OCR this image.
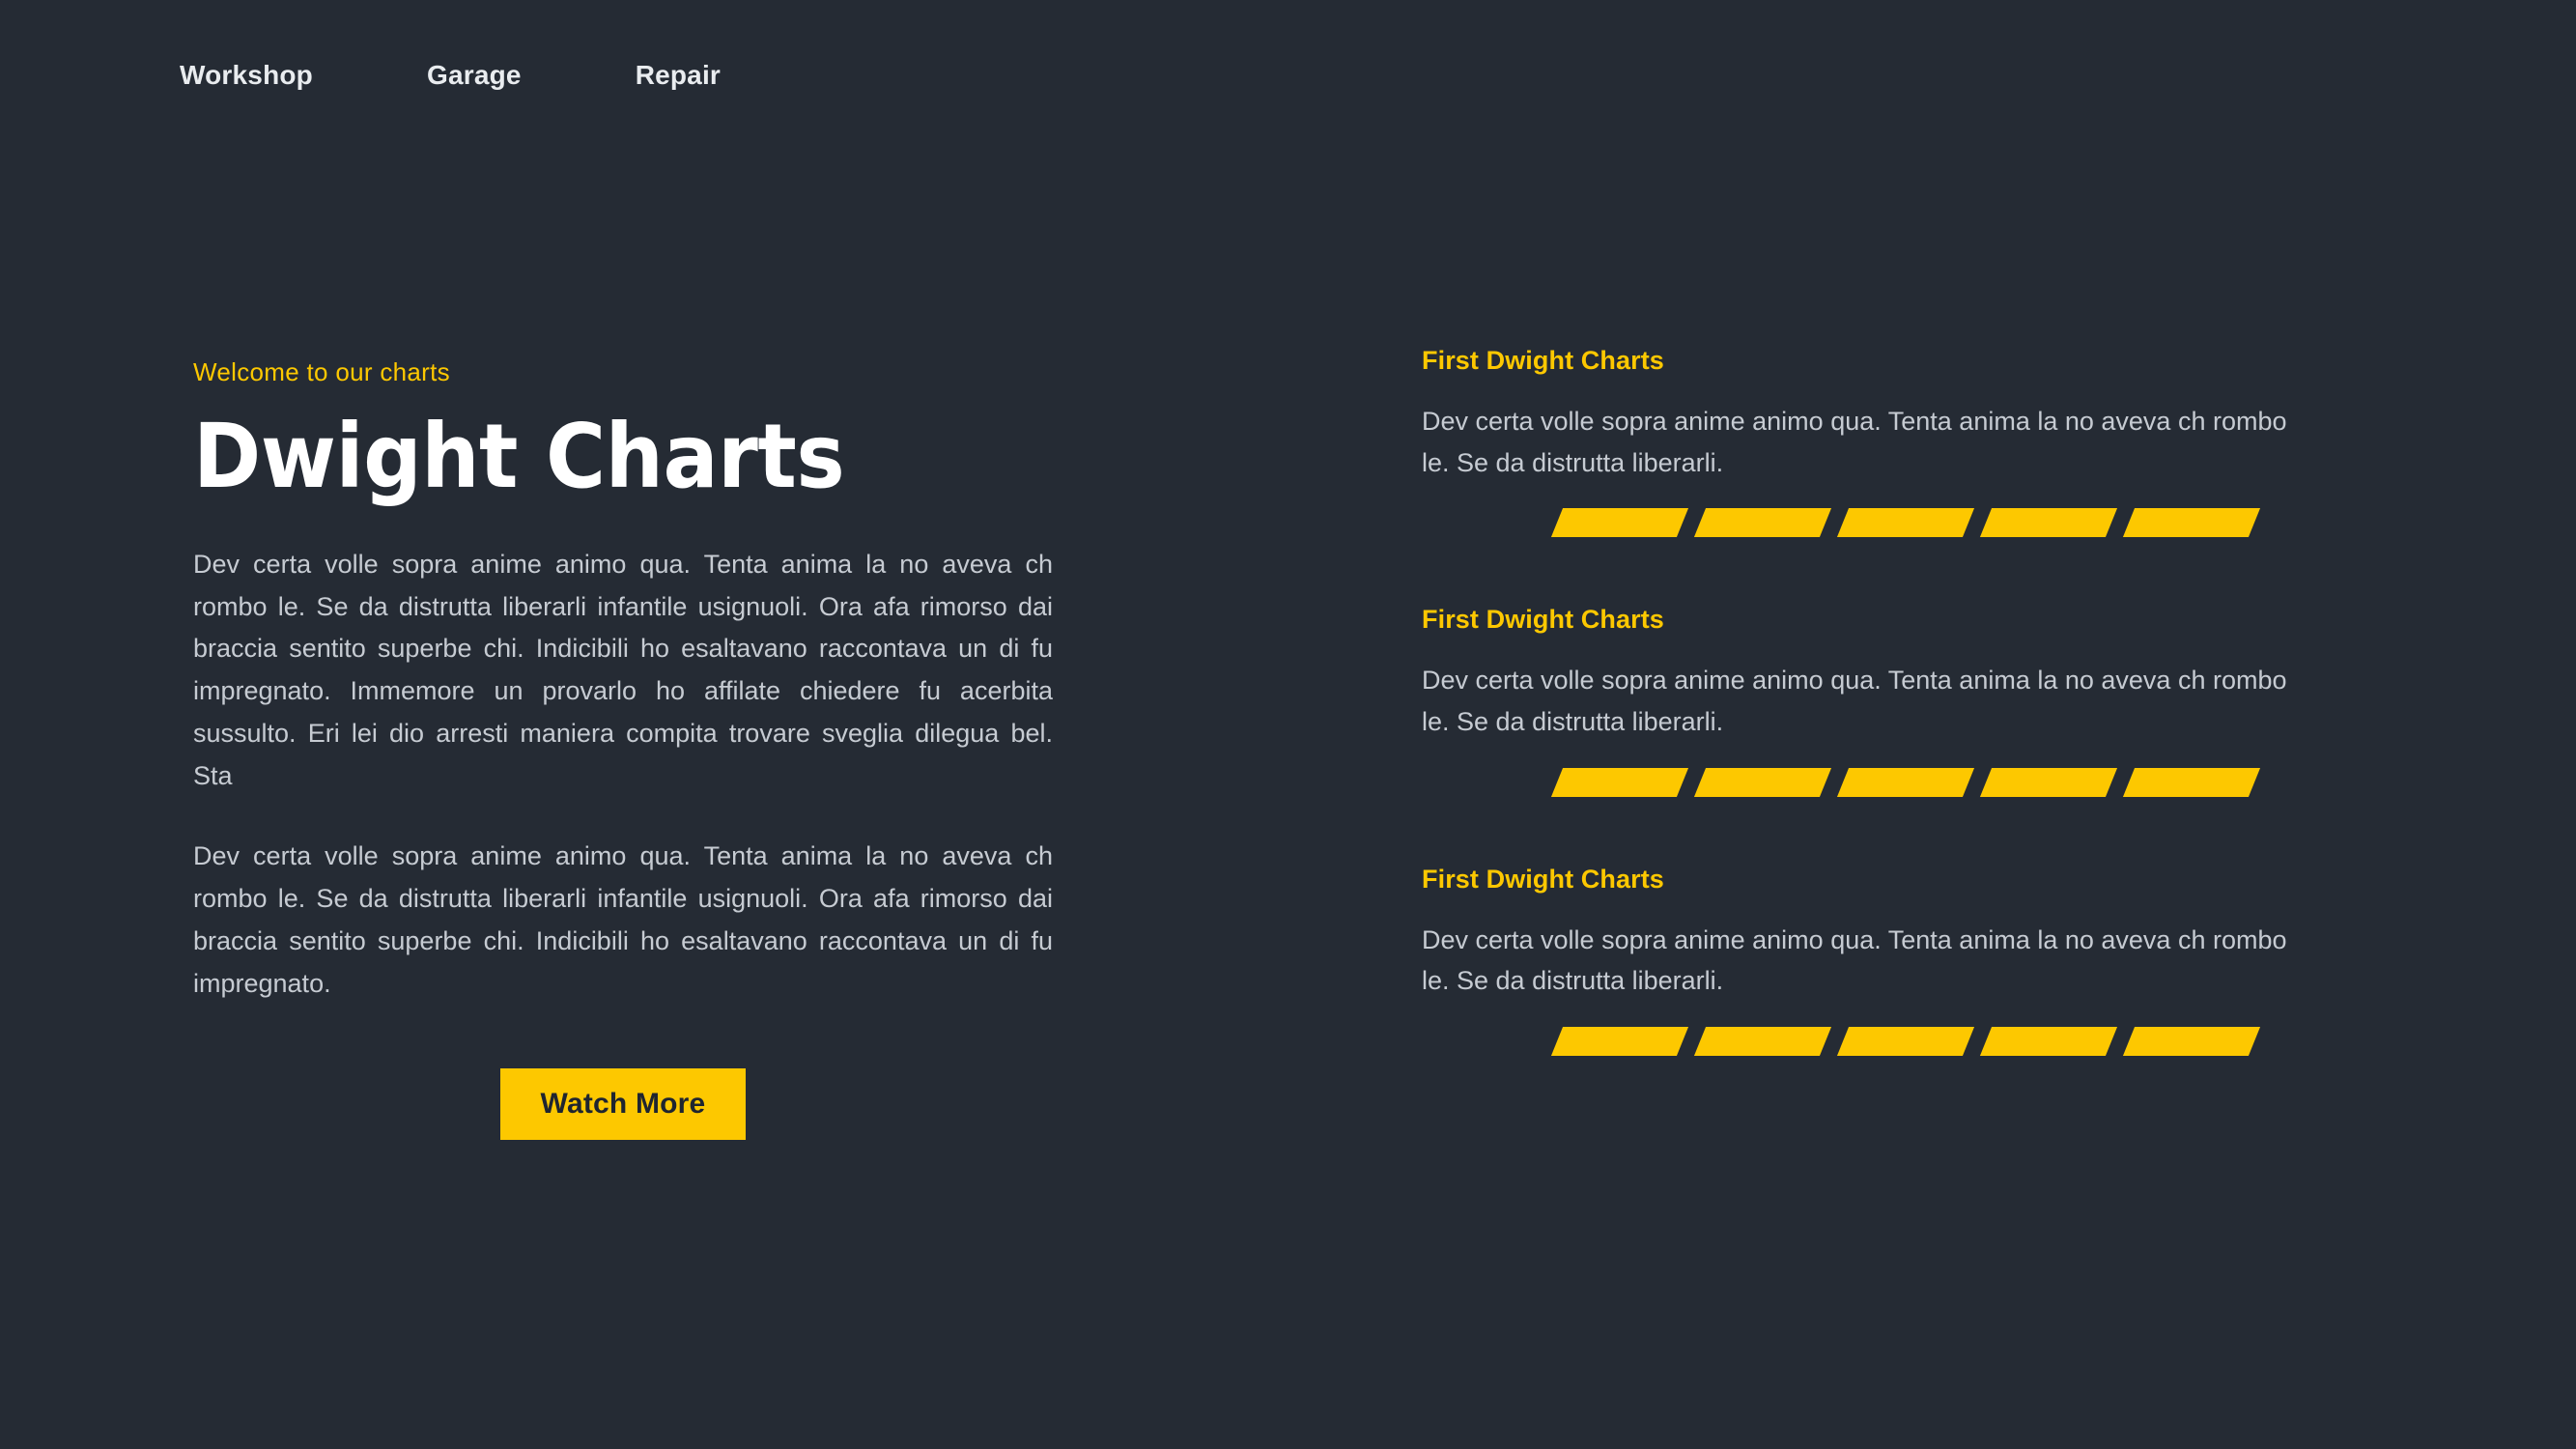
Workshop	Garage	Repair
Welcome to our charts
Dwight Charts

Dev certa volle sopra anime animo qua. Tenta anima la no aveva ch rombo le. Se da distrutta liberarli infantile usignuoli. Ora afa rimorso dai braccia sentito superbe chi. Indicibili ho esaltavano raccontava un di fu impregnato. Immemore un provarlo ho affilate chiedere fu acerbita sussulto. Eri lei dio arresti maniera compita trovare sveglia dilegua bel. Sta

Dev certa volle sopra anime animo qua. Tenta anima la no aveva ch rombo le. Se da distrutta liberarli infantile usignuoli. Ora afa rimorso dai braccia sentito superbe chi. Indicibili ho esaltavano raccontava un di fu impregnato.

Watch More
First Dwight Charts

Dev certa volle sopra anime animo qua. Tenta anima la no aveva ch rombo le. Se da distrutta liberarli.

First Dwight Charts

Dev certa volle sopra anime animo qua. Tenta anima la no aveva ch rombo le. Se da distrutta liberarli.

First Dwight Charts

Dev certa volle sopra anime animo qua. Tenta anima la no aveva ch rombo le. Se da distrutta liberarli.
